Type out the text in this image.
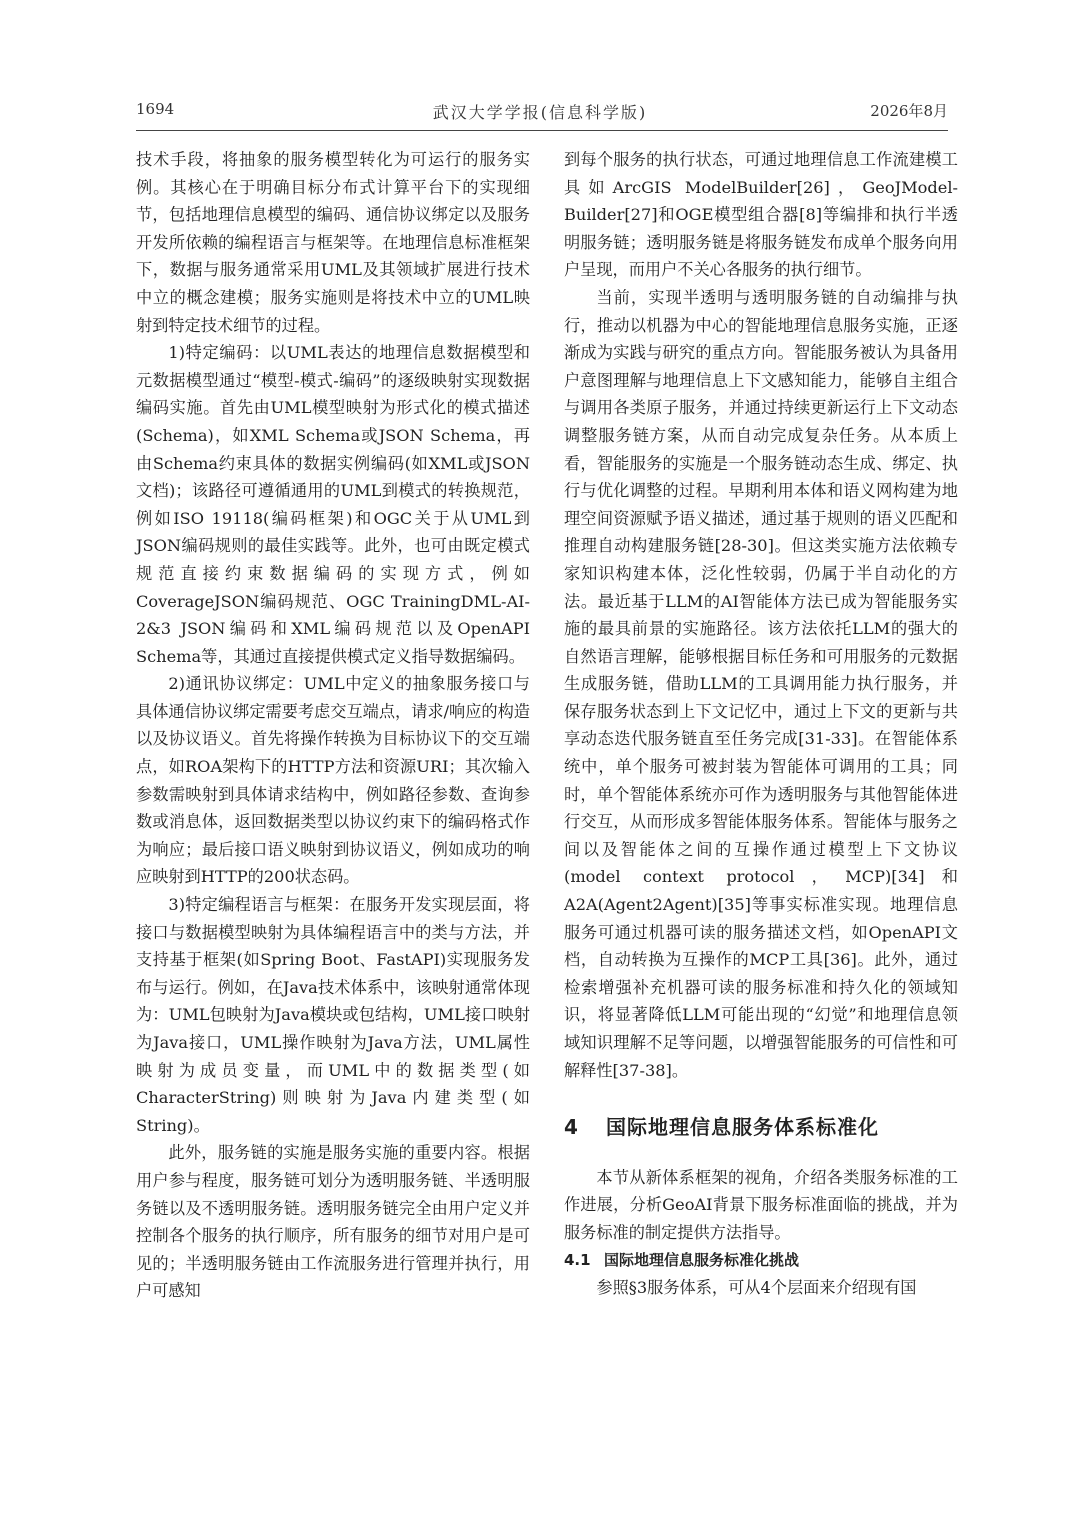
1694	武汉大学学报(信息科学版)	2026年8月

技术手段，将抽象的服务模型转化为可运行的服务实例。其核心在于明确目标分布式计算平台下的实现细节，包括地理信息模型的编码、通信协议绑定以及服务开发所依赖的编程语言与框架等。在地理信息标准框架下，数据与服务通常采用UML及其领域扩展进行技术中立的概念建模；服务实施则是将技术中立的UML映射到特定技术细节的过程。

1)特定编码：以UML表达的地理信息数据模型和元数据模型通过“模型-模式-编码”的逐级映射实现数据编码实施。首先由UML模型映射为形式化的模式描述(Schema)，如XML Schema或JSON Schema，再由Schema约束具体的数据实例编码(如XML或JSON文档)；该路径可遵循通用的UML到模式的转换规范，例如ISO 19118(编码框架)和OGC关于从UML到JSON编码规则的最佳实践等。此外，也可由既定模式规范直接约束数据编码的实现方式，例如CoverageJSON编码规范、OGC TrainingDML-AI-2&3 JSON编码和XML编码规范以及OpenAPI Schema等，其通过直接提供模式定义指导数据编码。

2)通讯协议绑定：UML中定义的抽象服务接口与具体通信协议绑定需要考虑交互端点，请求/响应的构造以及协议语义。首先将操作转换为目标协议下的交互端点，如ROA架构下的HTTP方法和资源URI；其次输入参数需映射到具体请求结构中，例如路径参数、查询参数或消息体，返回数据类型以协议约束下的编码格式作为响应；最后接口语义映射到协议语义，例如成功的响应映射到HTTP的200状态码。

3)特定编程语言与框架：在服务开发实现层面，将接口与数据模型映射为具体编程语言中的类与方法，并支持基于框架(如Spring Boot、FastAPI)实现服务发布与运行。例如，在Java技术体系中，该映射通常体现为：UML包映射为Java模块或包结构，UML接口映射为Java接口，UML操作映射为Java方法，UML属性映射为成员变量，而UML中的数据类型(如CharacterString)则映射为Java内建类型(如String)。

此外，服务链的实施是服务实施的重要内容。根据用户参与程度，服务链可划分为透明服务链、半透明服务链以及不透明服务链。透明服务链完全由用户定义并控制各个服务的执行顺序，所有服务的细节对用户是可见的；半透明服务链由工作流服务进行管理并执行，用户可感知

到每个服务的执行状态，可通过地理信息工作流建模工具如ArcGIS ModelBuilder[26]，GeoJModel-Builder[27]和OGE模型组合器[8]等编排和执行半透明服务链；透明服务链是将服务链发布成单个服务向用户呈现，而用户不关心各服务的执行细节。

当前，实现半透明与透明服务链的自动编排与执行，推动以机器为中心的智能地理信息服务实施，正逐渐成为实践与研究的重点方向。智能服务被认为具备用户意图理解与地理信息上下文感知能力，能够自主组合与调用各类原子服务，并通过持续更新运行上下文动态调整服务链方案，从而自动完成复杂任务。从本质上看，智能服务的实施是一个服务链动态生成、绑定、执行与优化调整的过程。早期利用本体和语义网构建为地理空间资源赋予语义描述，通过基于规则的语义匹配和推理自动构建服务链[28-30]。但这类实施方法依赖专家知识构建本体，泛化性较弱，仍属于半自动化的方法。最近基于LLM的AI智能体方法已成为智能服务实施的最具前景的实施路径。该方法依托LLM的强大的自然语言理解，能够根据目标任务和可用服务的元数据生成服务链，借助LLM的工具调用能力执行服务，并保存服务状态到上下文记忆中，通过上下文的更新与共享动态迭代服务链直至任务完成[31-33]。在智能体系统中，单个服务可被封装为智能体可调用的工具；同时，单个智能体系统亦可作为透明服务与其他智能体进行交互，从而形成多智能体服务体系。智能体与服务之间以及智能体之间的互操作通过模型上下文协议(model context protocol，MCP)[34]和A2A(Agent2Agent)[35]等事实标准实现。地理信息服务可通过机器可读的服务描述文档，如OpenAPI文档，自动转换为互操作的MCP工具[36]。此外，通过检索增强补充机器可读的服务标准和持久化的领域知识，将显著降低LLM可能出现的“幻觉”和地理信息领域知识理解不足等问题，以增强智能服务的可信性和可解释性[37-38]。

4 国际地理信息服务体系标准化

本节从新体系框架的视角，介绍各类服务标准的工作进展，分析GeoAI背景下服务标准面临的挑战，并为服务标准的制定提供方法指导。

4.1 国际地理信息服务标准化挑战

参照§3服务体系，可从4个层面来介绍现有国
